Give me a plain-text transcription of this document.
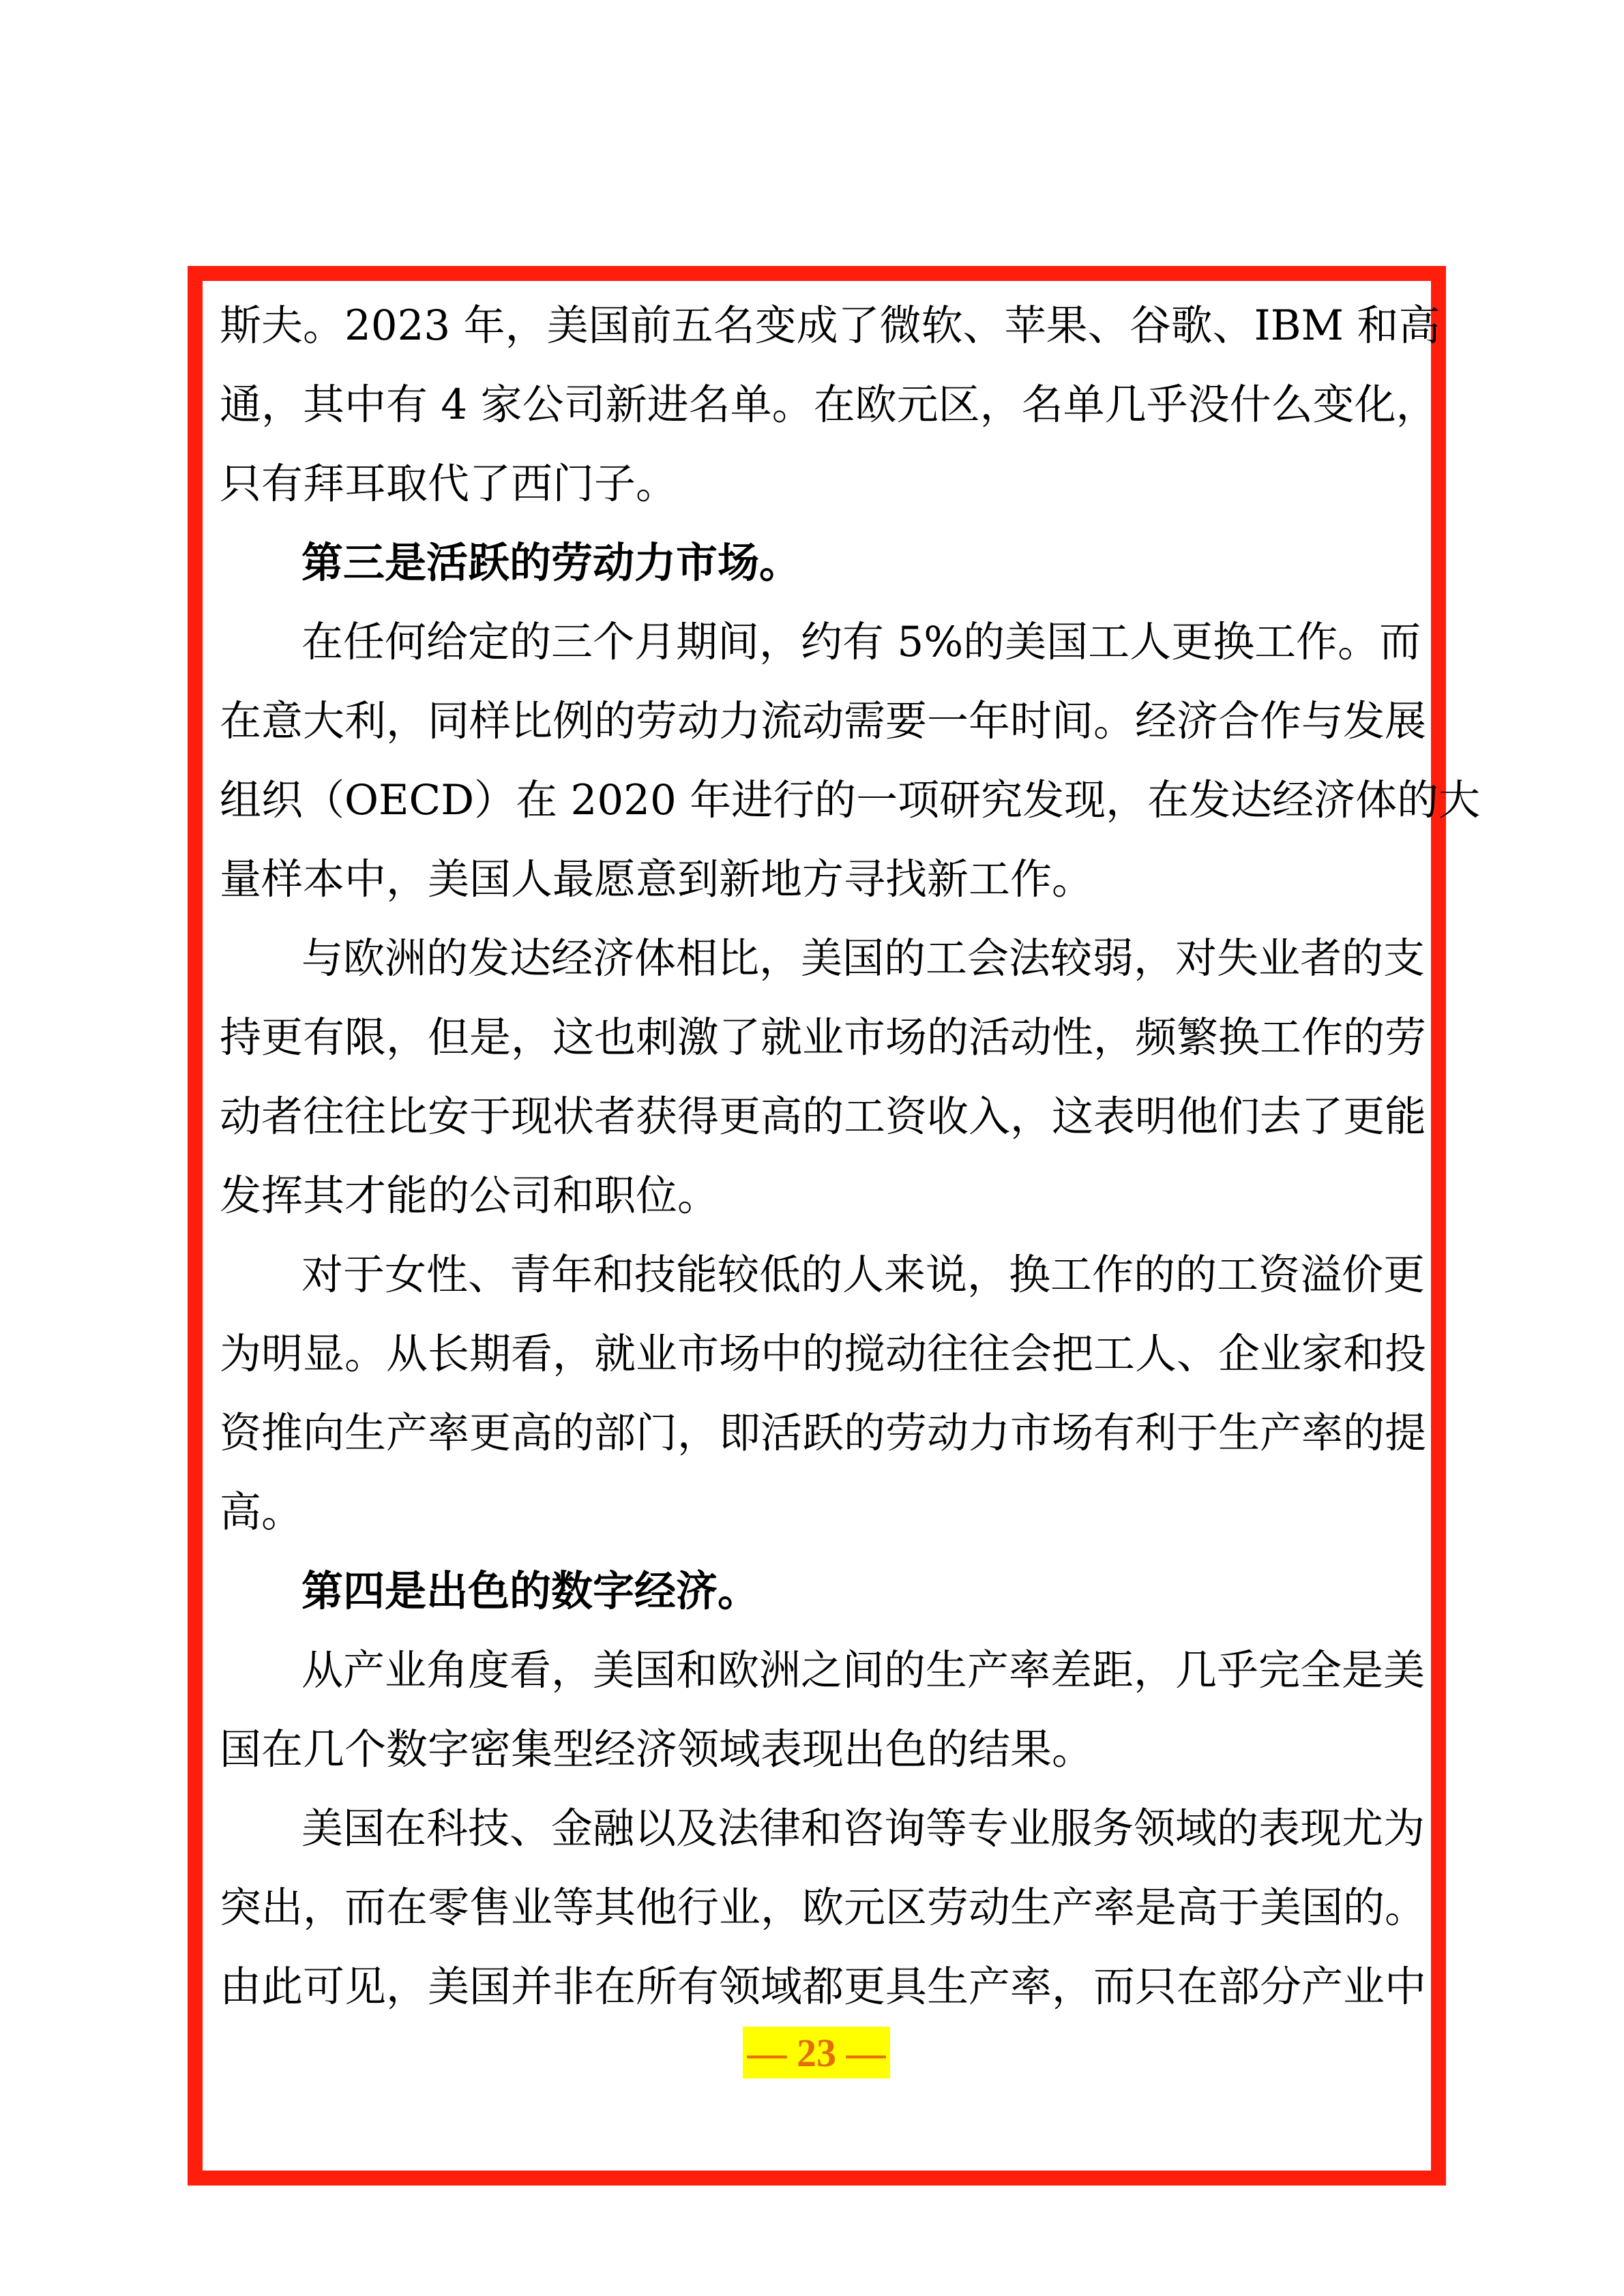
斯夫。2023 年，美国前五名变成了微软、苹果、谷歌、IBM 和高
通，其中有 4 家公司新进名单。在欧元区，名单几乎没什么变化，
只有拜耳取代了西门子。
第三是活跃的劳动力市场。
在任何给定的三个月期间，约有 5%的美国工人更换工作。而
在意大利，同样比例的劳动力流动需要一年时间。经济合作与发展
组织（OECD）在 2020 年进行的一项研究发现，在发达经济体的大
量样本中，美国人最愿意到新地方寻找新工作。
与欧洲的发达经济体相比，美国的工会法较弱，对失业者的支
持更有限，但是，这也刺激了就业市场的活动性，频繁换工作的劳
动者往往比安于现状者获得更高的工资收入，这表明他们去了更能
发挥其才能的公司和职位。
对于女性、青年和技能较低的人来说，换工作的的工资溢价更
为明显。从长期看，就业市场中的搅动往往会把工人、企业家和投
资推向生产率更高的部门，即活跃的劳动力市场有利于生产率的提
高。
第四是出色的数字经济。
从产业角度看，美国和欧洲之间的生产率差距，几乎完全是美
国在几个数字密集型经济领域表现出色的结果。
美国在科技、金融以及法律和咨询等专业服务领域的表现尤为
突出，而在零售业等其他行业，欧元区劳动生产率是高于美国的。
由此可见，美国并非在所有领域都更具生产率，而只在部分产业中
— 23 —
